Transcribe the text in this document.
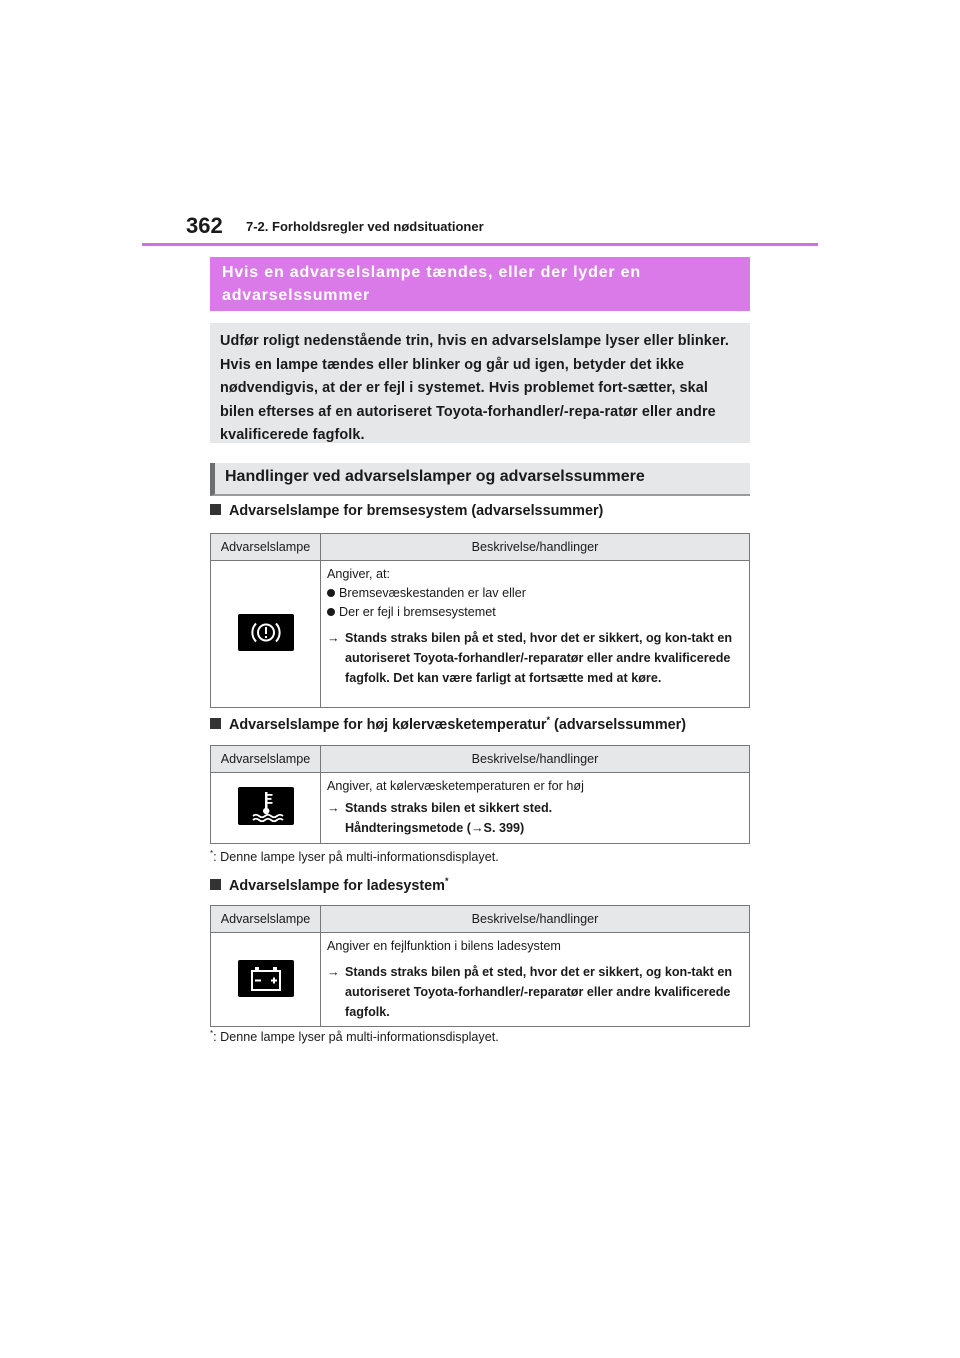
362 7-2. Forholdsregler ved nødsituationer
Hvis en advarselslampe tændes, eller der lyder en advarselssummer

Udfør roligt nedenstående trin, hvis en advarselslampe lyser eller blinker. Hvis en lampe tændes eller blinker og går ud igen, betyder det ikke nødvendigvis, at der er fejl i systemet. Hvis problemet fort-sætter, skal bilen efterses af en autoriseret Toyota-forhandler/-repa-ratør eller andre kvalificerede fagfolk.

Handlinger ved advarselslamper og advarselssummere
Advarselslampe for bremsesystem (advarselssummer)
Advarselslampe	Beskrivelse/handlinger

Angiver, at:
Bremsevæskestanden er lav eller
Der er fejl i bremsesystemet
→ Stands straks bilen på et sted, hvor det er sikkert, og kon-takt en autoriseret Toyota-forhandler/-reparatør eller andre kvalificerede fagfolk. Det kan være farligt at fortsætte med at køre.
Advarselslampe for høj kølervæsketemperatur* (advarselssummer)
Advarselslampe	Beskrivelse/handlinger

Angiver, at kølervæsketemperaturen er for høj
→ Stands straks bilen et sikkert sted.
Håndteringsmetode (→S. 399)
*: Denne lampe lyser på multi-informationsdisplayet.
Advarselslampe for ladesystem*
Advarselslampe	Beskrivelse/handlinger

Angiver en fejlfunktion i bilens ladesystem
→ Stands straks bilen på et sted, hvor det er sikkert, og kon-takt en autoriseret Toyota-forhandler/-reparatør eller andre kvalificerede fagfolk.
*: Denne lampe lyser på multi-informationsdisplayet.
